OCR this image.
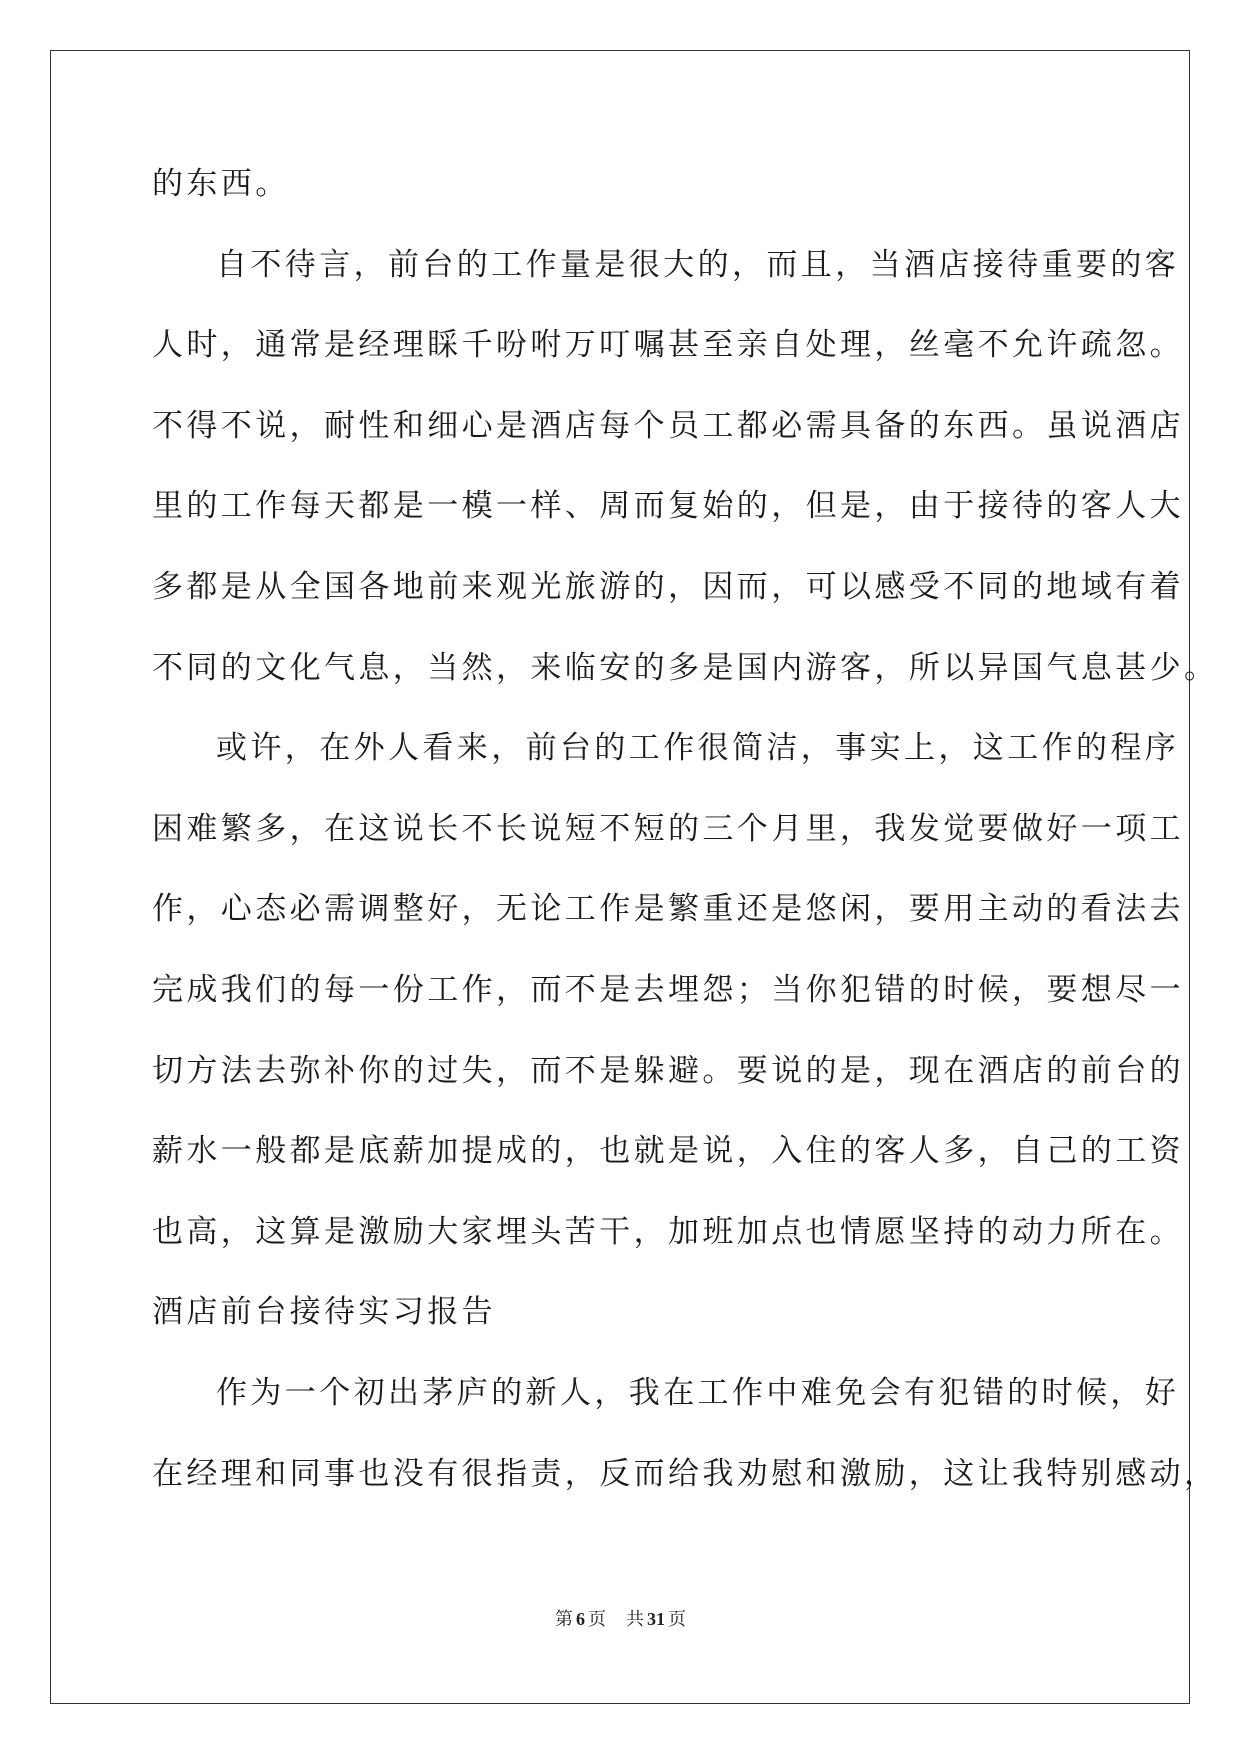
的东西。
自不待言，前台的工作量是很大的，而且，当酒店接待重要的客
人时，通常是经理睬千吩咐万叮嘱甚至亲自处理，丝毫不允许疏忽。
不得不说，耐性和细心是酒店每个员工都必需具备的东西。虽说酒店
里的工作每天都是一模一样、周而复始的，但是，由于接待的客人大
多都是从全国各地前来观光旅游的，因而，可以感受不同的地域有着
不同的文化气息，当然，来临安的多是国内游客，所以异国气息甚少。
或许，在外人看来，前台的工作很简洁，事实上，这工作的程序
困难繁多，在这说长不长说短不短的三个月里，我发觉要做好一项工
作，心态必需调整好，无论工作是繁重还是悠闲，要用主动的看法去
完成我们的每一份工作，而不是去埋怨；当你犯错的时候，要想尽一
切方法去弥补你的过失，而不是躲避。要说的是，现在酒店的前台的
薪水一般都是底薪加提成的，也就是说，入住的客人多，自己的工资
也高，这算是激励大家埋头苦干，加班加点也情愿坚持的动力所在。
酒店前台接待实习报告
作为一个初出茅庐的新人，我在工作中难免会有犯错的时候，好
在经理和同事也没有很指责，反而给我劝慰和激励，这让我特别感动，
第 6 页 共 31 页
